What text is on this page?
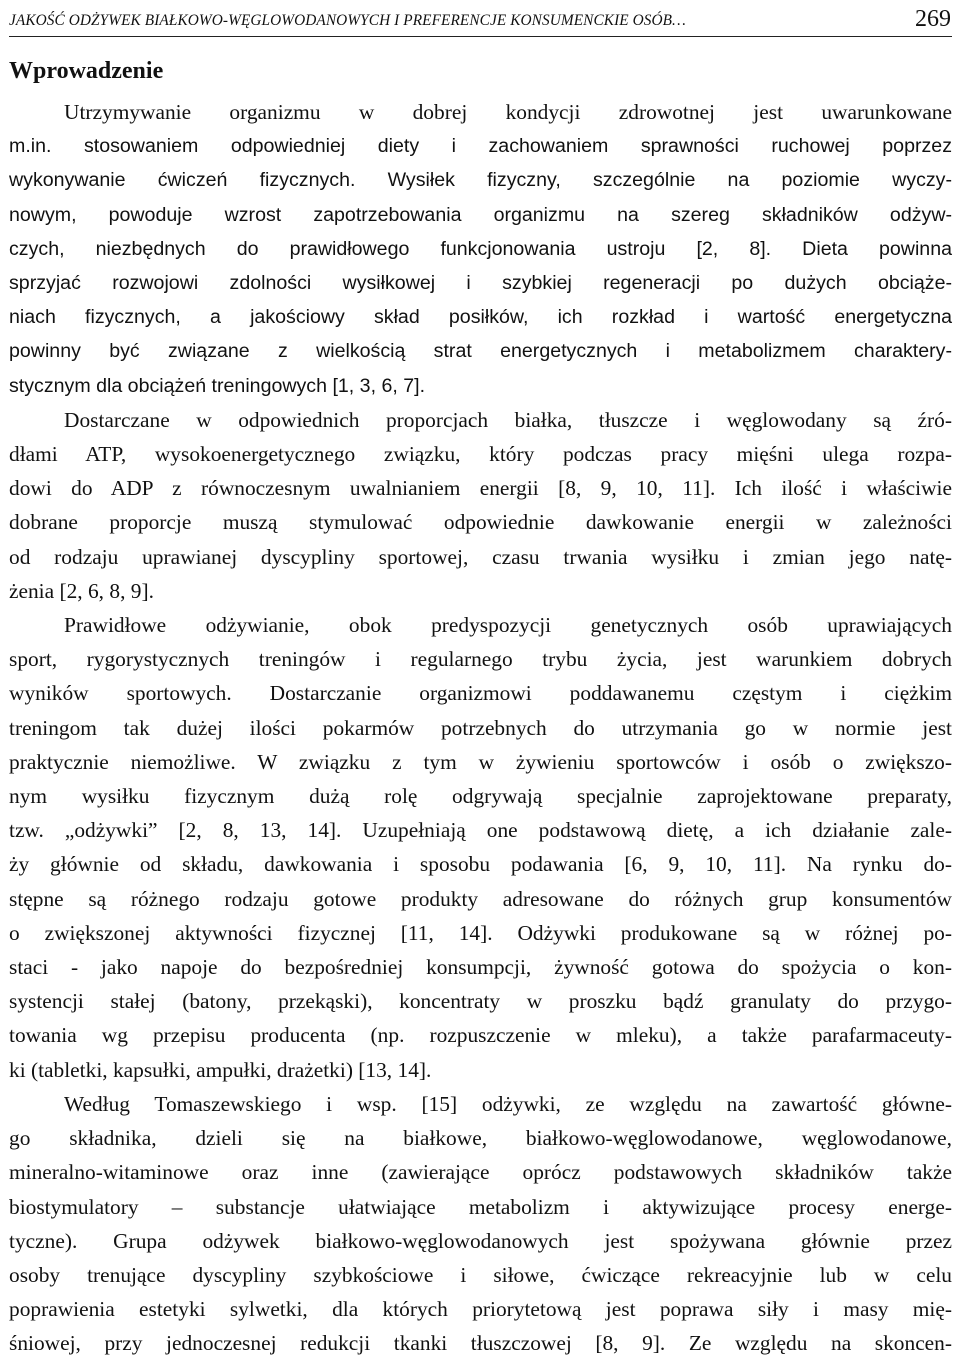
JAKOŚĆ ODŻYWEK BIAŁKOWO-WĘGLOWODANOWYCH I PREFERENCJE KONSUMENCKIE OSÓB…	269
Wprowadzenie

Utrzymywanie organizmu w dobrej kondycji zdrowotnej jest uwarunkowane
m.in. stosowaniem odpowiedniej diety i zachowaniem sprawności ruchowej poprzez
wykonywanie ćwiczeń fizycznych. Wysiłek fizyczny, szczególnie na poziomie wyczy-
nowym, powoduje wzrost zapotrzebowania organizmu na szereg składników odżyw-
czych, niezbędnych do prawidłowego funkcjonowania ustroju [2, 8]. Dieta powinna
sprzyjać rozwojowi zdolności wysiłkowej i szybkiej regeneracji po dużych obciąże-
niach fizycznych, a jakościowy skład posiłków, ich rozkład i wartość energetyczna
powinny być związane z wielkością strat energetycznych i metabolizmem charaktery-
stycznym dla obciążeń treningowych [1, 3, 6, 7].

Dostarczane w odpowiednich proporcjach białka, tłuszcze i węglowodany są źró-
dłami ATP, wysokoenergetycznego związku, który podczas pracy mięśni ulega rozpa-
dowi do ADP z równoczesnym uwalnianiem energii [8, 9, 10, 11]. Ich ilość i właściwie
dobrane proporcje muszą stymulować odpowiednie dawkowanie energii w zależności
od rodzaju uprawianej dyscypliny sportowej, czasu trwania wysiłku i zmian jego natę-
żenia [2, 6, 8, 9].

Prawidłowe odżywianie, obok predyspozycji genetycznych osób uprawiających
sport, rygorystycznych treningów i regularnego trybu życia, jest warunkiem dobrych
wyników sportowych. Dostarczanie organizmowi poddawanemu częstym i ciężkim
treningom tak dużej ilości pokarmów potrzebnych do utrzymania go w normie jest
praktycznie niemożliwe. W związku z tym w żywieniu sportowców i osób o zwiększo-
nym wysiłku fizycznym dużą rolę odgrywają specjalnie zaprojektowane preparaty,
tzw. „odżywki” [2, 8, 13, 14]. Uzupełniają one podstawową dietę, a ich działanie zale-
ży głównie od składu, dawkowania i sposobu podawania [6, 9, 10, 11]. Na rynku do-
stępne są różnego rodzaju gotowe produkty adresowane do różnych grup konsumentów
o zwiększonej aktywności fizycznej [11, 14]. Odżywki produkowane są w różnej po-
staci - jako napoje do bezpośredniej konsumpcji, żywność gotowa do spożycia o kon-
systencji stałej (batony, przekąski), koncentraty w proszku bądź granulaty do przygo-
towania wg przepisu producenta (np. rozpuszczenie w mleku), a także parafarmaceuty-
ki (tabletki, kapsułki, ampułki, drażetki) [13, 14].

Według Tomaszewskiego i wsp. [15] odżywki, ze względu na zawartość główne-
go składnika, dzieli się na białkowe, białkowo-węglowodanowe, węglowodanowe,
mineralno-witaminowe oraz inne (zawierające oprócz podstawowych składników także
biostymulatory – substancje ułatwiające metabolizm i aktywizujące procesy energe-
tyczne). Grupa odżywek białkowo-węglowodanowych jest spożywana głównie przez
osoby trenujące dyscypliny szybkościowe i siłowe, ćwiczące rekreacyjnie lub w celu
poprawienia estetyki sylwetki, dla których priorytetową jest poprawa siły i masy mię-
śniowej, przy jednoczesnej redukcji tkanki tłuszczowej [8, 9]. Ze względu na skoncen-
